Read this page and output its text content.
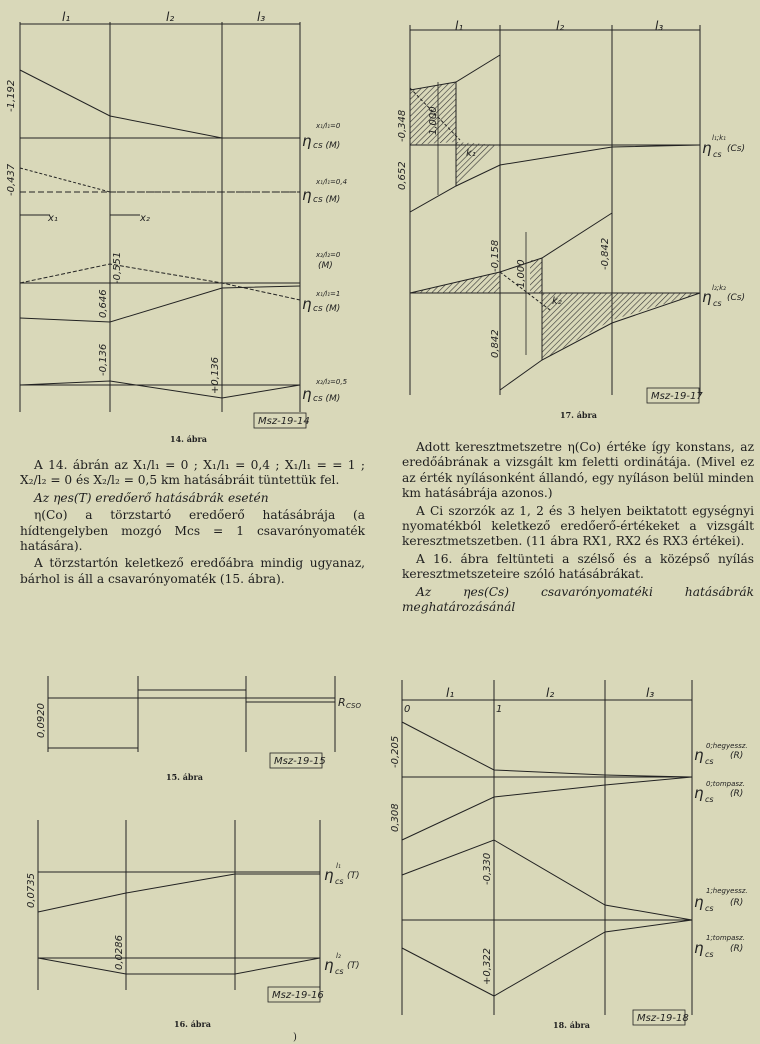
l₁	l₂	l₃
-1,192
-0,437
x₁	x₂
0,646
-0,551
-0,136	+0,136
x₁/l₁=0
η cs (M)
x₁/l₁=0,4
η cs (M)
x₂/l₂=0
(M)
x₁/l₁=1
η cs (M)
x₂/l₂=0,5
η cs (M)
Msz-19-14
14. ábra
l₁	l₂	l₃
-0,348
0,652
1,000
k₁
-0,158
0,842
1,000
k₂
-0,842
l₁;k₁
η cs
(Cs)
l₂;k₂
η cs
(Cs)
Msz-19-17
17. ábra
0,0920
R CSO
Msz-19-15
15. ábra
0,0735
0,0286
l₁
η cs
(T)
l₂
η cs
(T)
Msz-19-16
16. ábra
l₁	l₂	l₃
0	1
-0,205
0,308
-0,330
+0,322
0;hegyessz.
η cs
(R)
0;tompasz.
η cs
(R)
1;hegyessz.
η cs
(R)
1;tompasz.
η cs
(R)
Msz-19-18
18. ábra

A 14. ábrán az X₁/l₁ = 0 ; X₁/l₁ = 0,4 ; X₁/l₁ = = 1 ; X₂/l₂ = 0 és X₂/l₂ = 0,5 km hatásábráit tüntettük fel.

Az ηes(T) eredőerő hatásábrák esetén

η(Co) a törzstartó eredőerő hatásábrája (a hídtengelyben mozgó Mcs = 1 csavarónyomaték hatására).

A törzstartón keletkező eredőábra mindig ugyanaz, bárhol is áll a csavarónyomaték (15. ábra).

Adott keresztmetszetre η(Co) értéke így konstans, az eredőábrának a vizsgált km feletti ordinátája. (Mivel ez az érték nyílásonként állandó, egy nyíláson belül minden km hatásábrája azonos.)

A Ci szorzók az 1, 2 és 3 helyen beiktatott egységnyi nyomatékból keletkező eredőerő-értékeket a vizsgált keresztmetszetben. (11 ábra RX1, RX2 és RX3 értékei).

A 16. ábra feltünteti a szélső és a középső nyílás keresztmetszeteire szóló hatásábrákat.

Az ηes(Cs) csavarónyomatéki hatásábrák meghatározásánál

)
